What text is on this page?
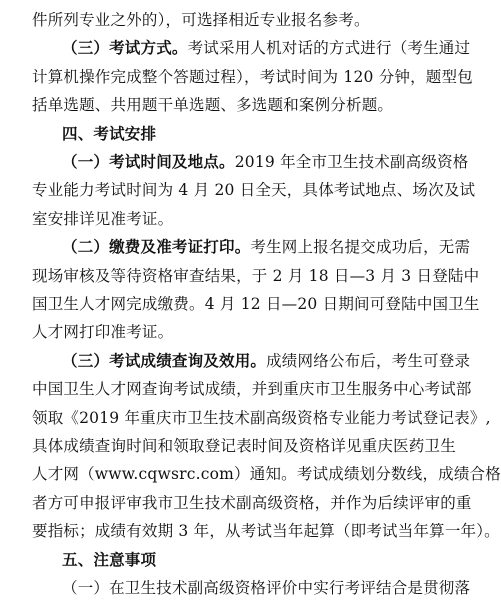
件所列专业之外的），可选择相近专业报名参考。
（三）考试方式。考试采用人机对话的方式进行（考生通过
计算机操作完成整个答题过程），考试时间为 120 分钟，题型包
括单选题、共用题干单选题、多选题和案例分析题。
四、考试安排
（一）考试时间及地点。2019 年全市卫生技术副高级资格
专业能力考试时间为 4 月 20 日全天，具体考试地点、场次及试
室安排详见准考证。
（二）缴费及准考证打印。考生网上报名提交成功后，无需
现场审核及等待资格审查结果，于 2 月 18 日—3 月 3 日登陆中
国卫生人才网完成缴费。4 月 12 日—20 日期间可登陆中国卫生
人才网打印准考证。
（三）考试成绩查询及效用。成绩网络公布后，考生可登录
中国卫生人才网查询考试成绩，并到重庆市卫生服务中心考试部
领取《2019 年重庆市卫生技术副高级资格专业能力考试登记表》,
具体成绩查询时间和领取登记表时间及资格详见重庆医药卫生
人才网（www.cqwsrc.com）通知。考试成绩划分数线，成绩合格
者方可申报评审我市卫生技术副高级资格，并作为后续评审的重
要指标；成绩有效期 3 年，从考试当年起算（即考试当年算一年）。
五、注意事项
（一）在卫生技术副高级资格评价中实行考评结合是贯彻落
